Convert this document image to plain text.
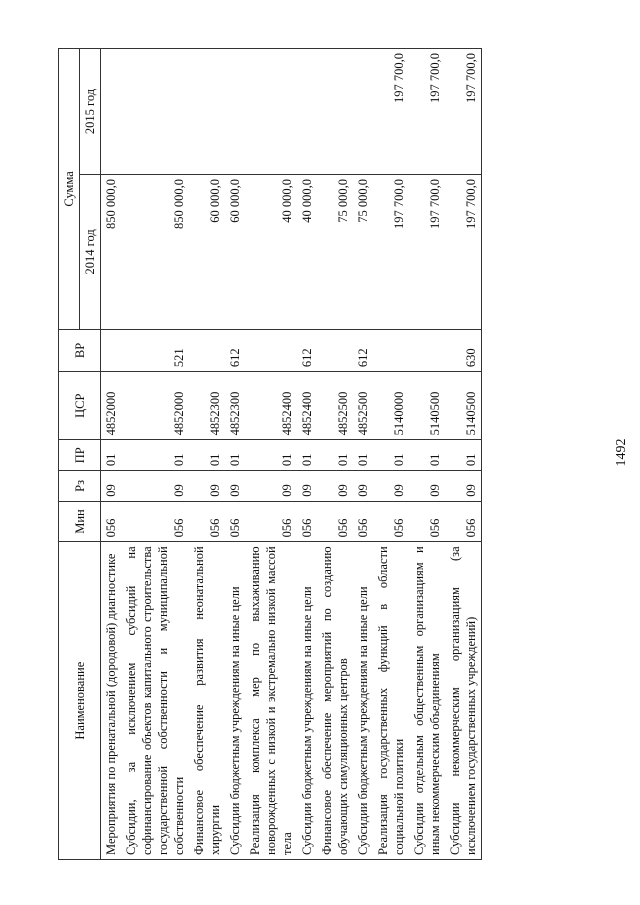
1492
Наименование	Мин	Рз	ПР	ЦСР	ВР	Сумма	
						2014 год	2015 год
Мероприятия по пренатальной (дородовой) диагностике	056	09	01	4852000		850 000,0	
Субсидии, за исключением субсидий на софинансирование объектов капитального строительства государственной собственности и муниципальной собственности	056	09	01	4852000	521	850 000,0	
Финансовое обеспечение развития неонатальной хирургии	056	09	01	4852300		60 000,0	
Субсидии бюджетным учреждениям на иные цели	056	09	01	4852300	612	60 000,0	
Реализация комплекса мер по выхаживанию новорожденных с низкой и экстремально низкой массой тела	056	09	01	4852400		40 000,0	
Субсидии бюджетным учреждениям на иные цели	056	09	01	4852400	612	40 000,0	
Финансовое обеспечение мероприятий по созданию обучающих симуляционных центров	056	09	01	4852500		75 000,0	
Субсидии бюджетным учреждениям на иные цели	056	09	01	4852500	612	75 000,0	
Реализация государственных функций в области социальной политики	056	09	01	5140000		197 700,0	197 700,0
Субсидии отдельным общественным организациям и иным некоммерческим объединениям	056	09	01	5140500		197 700,0	197 700,0
Субсидии некоммерческим организациям (за исключением государственных учреждений)	056	09	01	5140500	630	197 700,0	197 700,0
